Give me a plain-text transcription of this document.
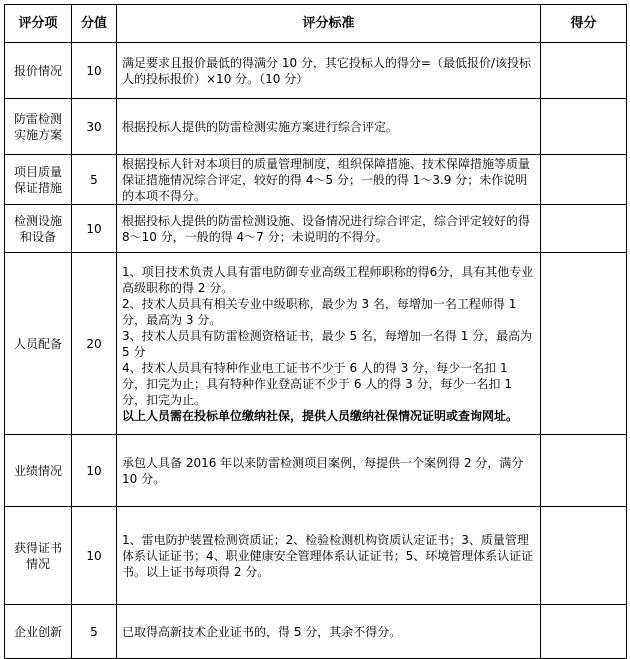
评分项	分值	评分标准	得分
报价情况	10	满足要求且报价最低的得满分 10 分，其它投标人的得分=（最低报价/该投标人的投标报价）×10 分。（10 分）	
防雷检测实施方案	30	根据投标人提供的防雷检测实施方案进行综合评定。	
项目质量保证措施	5	根据投标人针对本项目的质量管理制度，组织保障措施、技术保障措施等质量保证措施情况综合评定，较好的得 4～5 分；一般的得 1～3.9 分；未作说明的本项不得分。	
检测设施和设备	10	根据投标人提供的防雷检测设施、设备情况进行综合评定，综合评定较好的得 8～10 分，一般的得 4～7 分；未说明的不得分。	
人员配备	20	1、项目技术负责人具有雷电防御专业高级工程师职称的得6分，具有其他专业高级职称的得 2 分。
2、技术人员具有相关专业中级职称，最少为 3 名，每增加一名工程师得 1 分，最高为 3 分。
3、技术人员具有防雷检测资格证书，最少 5 名，每增加一名得 1 分，最高为 5 分
4、技术人员具有特种作业电工证书不少于 6 人的得 3 分，每少一名扣 1 分，扣完为止；具有特种作业登高证不少于 6 人的得 3 分，每少一名扣 1 分，扣完为止。
以上人员需在投标单位缴纳社保，提供人员缴纳社保情况证明或查询网址。	
业绩情况	10	承包人具备 2016 年以来防雷检测项目案例，每提供一个案例得 2 分，满分 10 分。	
获得证书情况	10	1、雷电防护装置检测资质证；2、检验检测机构资质认定证书；3、质量管理体系认证证书；4、职业健康安全管理体系认证证书；5、环境管理体系认证证书。以上证书每项得 2 分。	
企业创新	5	已取得高新技术企业证书的，得 5 分，其余不得分。	
